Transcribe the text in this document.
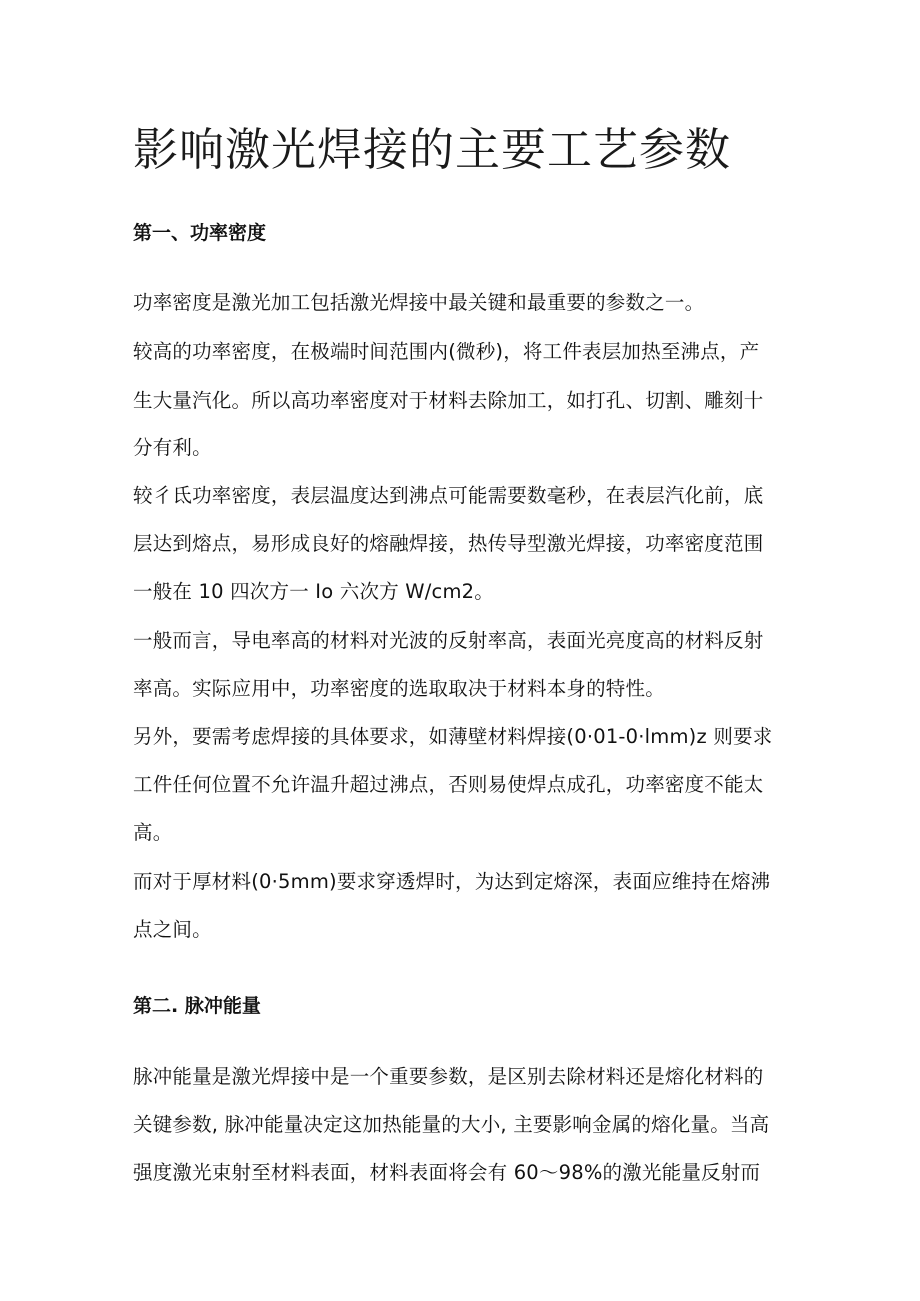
影响激光焊接的主要工艺参数
第一、功率密度
功率密度是激光加工包括激光焊接中最关键和最重要的参数之一。
较高的功率密度，在极端时间范围内(微秒)，将工件表层加热至沸点，产
生大量汽化。所以高功率密度对于材料去除加工，如打孔、切割、雕刻十
分有利。
较彳氐功率密度，表层温度达到沸点可能需要数毫秒，在表层汽化前，底
层达到熔点，易形成良好的熔融焊接，热传导型激光焊接，功率密度范围
一般在 10 四次方一 Io 六次方 W/cm2。
一般而言，导电率高的材料对光波的反射率高，表面光亮度高的材料反射
率高。实际应用中，功率密度的选取取决于材料本身的特性。
另外，要需考虑焊接的具体要求，如薄壁材料焊接(0·01-0·lmm)z 则要求
工件任何位置不允许温升超过沸点，否则易使焊点成孔，功率密度不能太
高。
而对于厚材料(0·5mm)要求穿透焊时，为达到定熔深，表面应维持在熔沸
点之间。
第二. 脉冲能量
脉冲能量是激光焊接中是一个重要参数，是区别去除材料还是熔化材料的
关键参数, 脉冲能量决定这加热能量的大小, 主要影响金属的熔化量。当高
强度激光束射至材料表面，材料表面将会有 60～98%的激光能量反射而
